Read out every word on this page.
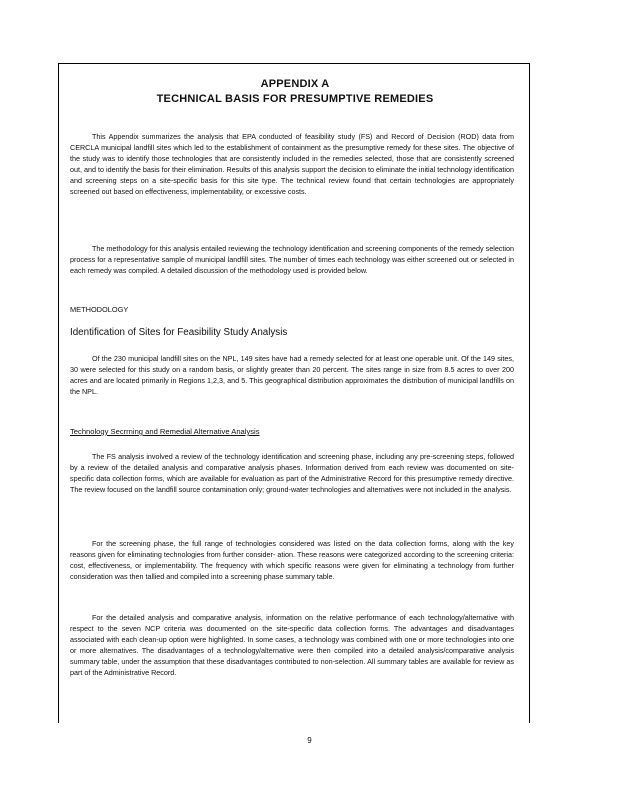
APPENDIX A
TECHNICAL BASIS FOR PRESUMPTIVE REMEDIES
This Appendix summarizes the analysis that EPA conducted of feasibility study (FS) and Record of Decision (ROD) data from CERCLA municipal landfill sites which led to the establishment of containment as the presumptive remedy for these sites. The objective of the study was to identify those technologies that are consistently included in the remedies selected, those that are consistently screened out, and to identify the basis for their elimination. Results of this analysis support the decision to eliminate the initial technology identification and screening steps on a site-specific basis for this site type. The technical review found that certain technologies are appropriately screened out based on effectiveness, implementability, or excessive costs.
The methodology for this analysis entailed reviewing the technology identification and screening components of the remedy selection process for a representative sample of municipal landfill sites. The number of times each technology was either screened out or selected in each remedy was compiled. A detailed discussion of the methodology used is provided below.
METHODOLOGY
Identification of Sites for Feasibility Study Analysis
Of the 230 municipal landfill sites on the NPL, 149 sites have had a remedy selected for at least one operable unit. Of the 149 sites, 30 were selected for this study on a random basis, or slightly greater than 20 percent. The sites range in size from 8.5 acres to over 200 acres and are located primarily in Regions 1,2,3, and 5. This geographical distribution approximates the distribution of municipal landfills on the NPL.
Technology Secrrning and Remedial Alternative Analysis
The FS analysis involved a review of the technology identification and screening phase, including any pre-screening steps, followed by a review of the detailed analysis and comparative analysis phases. Information derived from each review was documented on site-specific data collection forms, which are available for evaluation as part of the Administrative Record for this presumptive remedy directive. The review focused on the landfill source contamination only; ground-water technologies and alternatives were not included in the analysis.
For the screening phase, the full range of technologies considered was listed on the data collection forms, along with the key reasons given for eliminating technologies from further consider- ation. These reasons were categorized according to the screening criteria: cost, effectiveness, or implementability. The frequency with which specific reasons were given for eliminating a technology from further consideration was then tallied and compiled into a screening phase summary table.
For the detailed analysis and comparative analysis, information on the relative performance of each technology/alternative with respect to the seven NCP criteria was documented on the site-specific data collection forms. The advantages and disadvantages associated with each clean-up option were highlighted. In some cases, a technology was combined with one or more technologies into one or more alternatives. The disadvantages of a technology/alternative were then compiled into a detailed analysis/comparative analysis summary table, under the assumption that these disadvantages contributed to non-selection. All summary tables are available for review as part of the Administrative Record.
9
